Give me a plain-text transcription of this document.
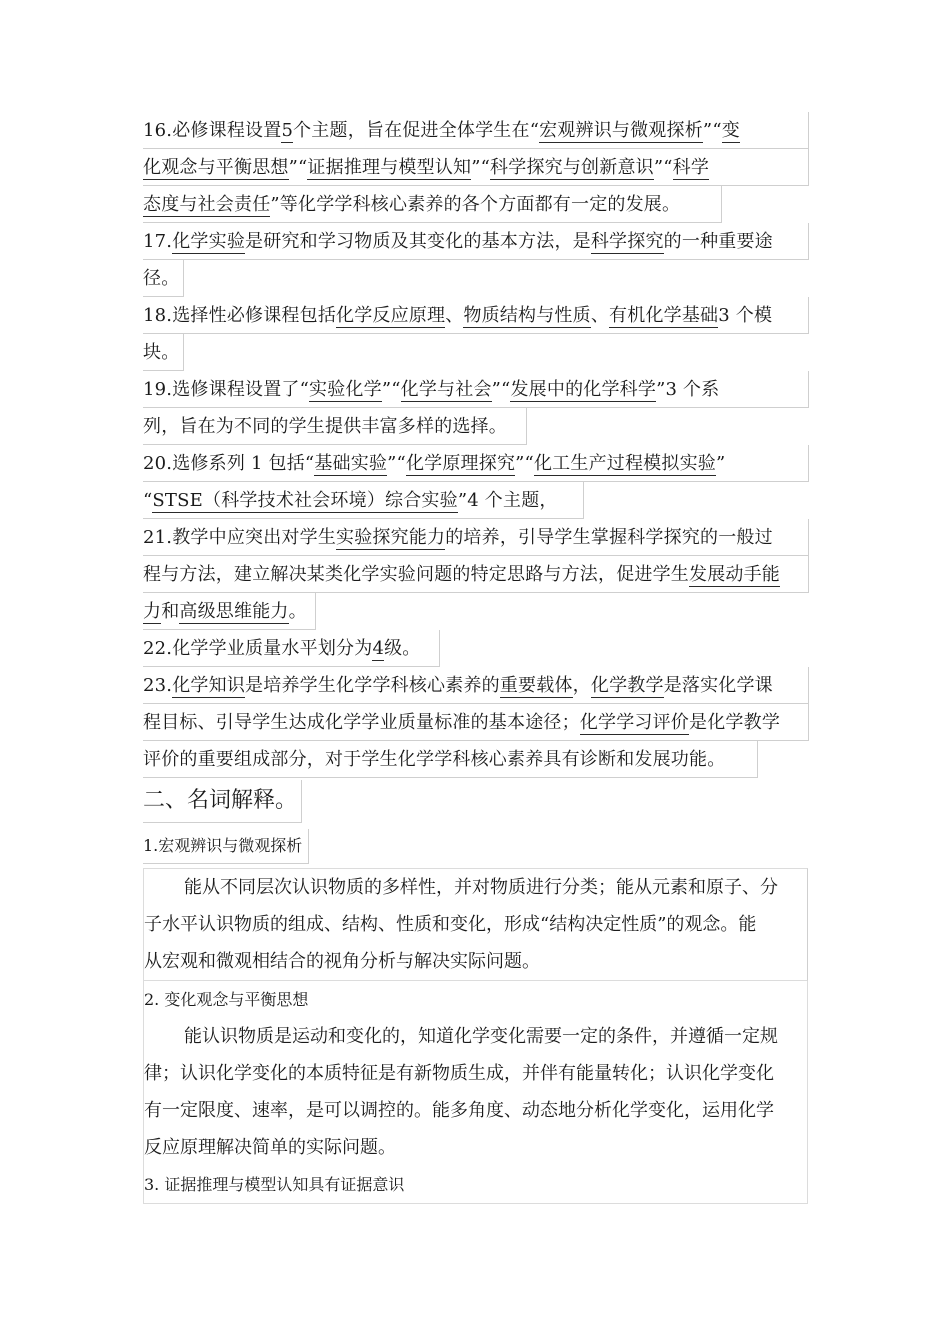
16.必修课程设置5个主题，旨在促进全体学生在“宏观辨识与微观探析”“变 化观念与平衡思想”“证据推理与模型认知”“科学探究与创新意识”“科学 态度与社会责任”等化学学科核心素养的各个方面都有一定的发展。
17.化学实验是研究和学习物质及其变化的基本方法，是科学探究的一种重要途 径。
18.选择性必修课程包括化学反应原理、物质结构与性质、有机化学基础3 个模 块。
19.选修课程设置了“实验化学”“化学与社会”“发展中的化学科学”3 个系 列，旨在为不同的学生提供丰富多样的选择。
20.选修系列 1 包括“基础实验”“化学原理探究”“化工生产过程模拟实验” “STSE（科学技术社会环境）综合实验”4 个主题，
21.教学中应突出对学生实验探究能力的培养，引导学生掌握科学探究的一般过 程与方法，建立解决某类化学实验问题的特定思路与方法，促进学生发展动手能 力和高级思维能力。
22.化学学业质量水平划分为4级。
23.化学知识是培养学生化学学科核心素养的重要载体，化学教学是落实化学课 程目标、引导学生达成化学学业质量标准的基本途径；化学学习评价是化学教学 评价的重要组成部分，对于学生化学学科核心素养具有诊断和发展功能。
二、名词解释。
1.宏观辨识与微观探析
能从不同层次认识物质的多样性，并对物质进行分类；能从元素和原子、分
子水平认识物质的组成、结构、性质和变化，形成“结构决定性质”的观念。能
从宏观和微观相结合的视角分析与解决实际问题。
2. 变化观念与平衡思想
能认识物质是运动和变化的，知道化学变化需要一定的条件，并遵循一定规
律；认识化学变化的本质特征是有新物质生成，并伴有能量转化；认识化学变化
有一定限度、速率，是可以调控的。能多角度、动态地分析化学变化，运用化学
反应原理解决简单的实际问题。
3. 证据推理与模型认知具有证据意识
